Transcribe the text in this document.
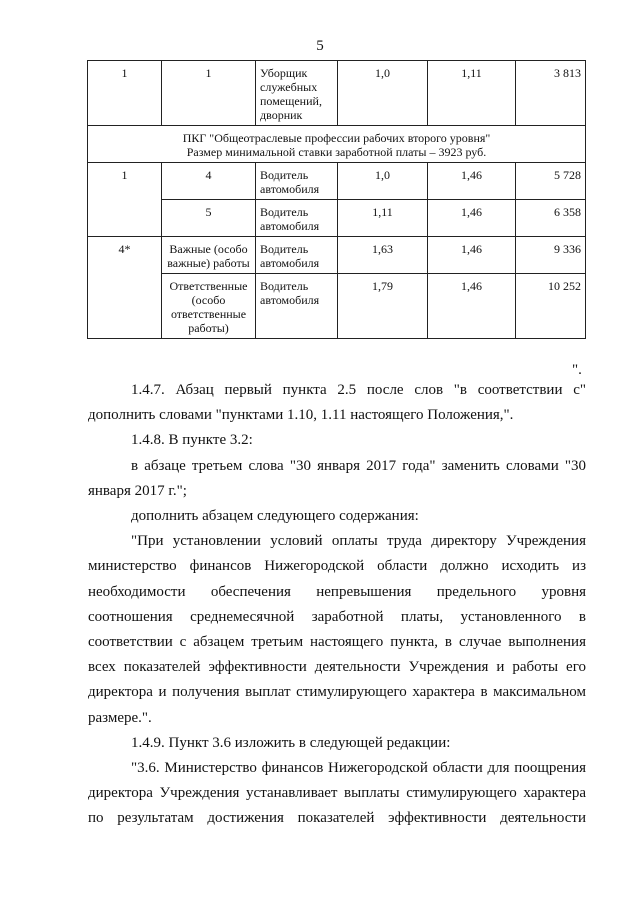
5
1	1	Уборщик служебных помещений, дворник	1,0	1,11	3 813

ПКГ "Общеотраслевые профессии рабочих второго уровня"
Размер минимальной ставки заработной платы – 3923 руб.					

1	4	Водитель автомобиля	1,0	1,46	5 728
	5	Водитель автомобиля	1,11	1,46	6 358
4*	Важные (особо важные) работы	Водитель автомобиля	1,63	1,46	9 336
	Ответственные (особо ответственные работы)	Водитель автомобиля	1,79	1,46	10 252
".

1.4.7. Абзац первый пункта 2.5 после слов "в соответствии с" дополнить словами "пунктами 1.10, 1.11 настоящего Положения,".

1.4.8. В пункте 3.2:

в абзаце третьем слова "30 января 2017 года" заменить словами "30 января 2017 г.";

дополнить абзацем следующего содержания:

"При установлении условий оплаты труда директору Учреждения министерство финансов Нижегородской области должно исходить из необходимости обеспечения непревышения предельного уровня соотношения среднемесячной заработной платы, установленного в соответствии с абзацем третьим настоящего пункта, в случае выполнения всех показателей эффективности деятельности Учреждения и работы его директора и получения выплат стимулирующего характера в максимальном размере.".

1.4.9. Пункт 3.6 изложить в следующей редакции:

"3.6. Министерство финансов Нижегородской области для поощрения директора Учреждения устанавливает выплаты стимулирующего характера по результатам достижения показателей эффективности деятельности
